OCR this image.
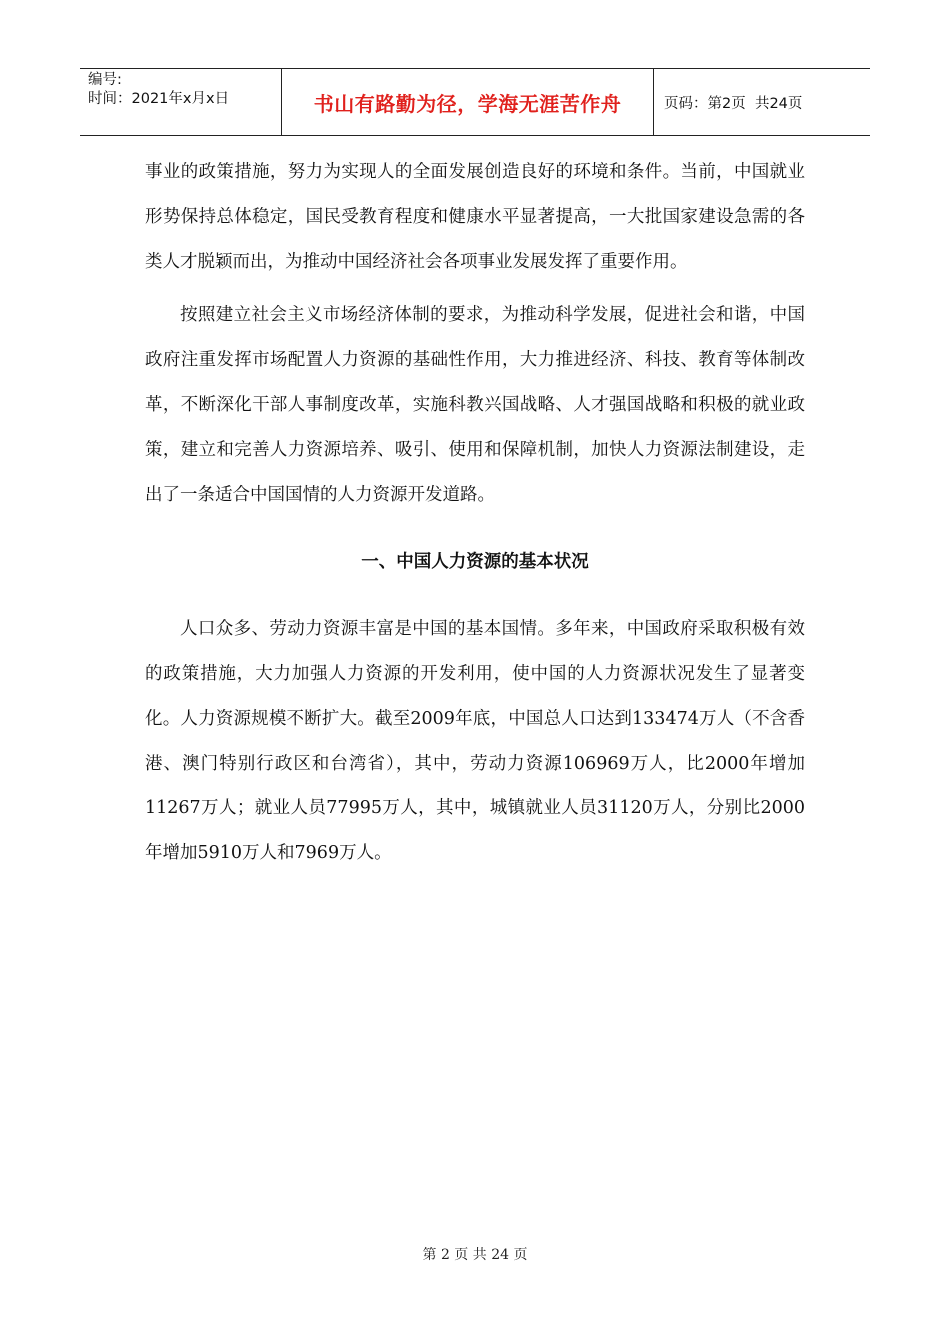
编号:
时间：2021年x月x日	书山有路勤为径，学海无涯苦作舟	页码：第2页  共24页

事业的政策措施，努力为实现人的全面发展创造良好的环境和条件。当前，中国就业形势保持总体稳定，国民受教育程度和健康水平显著提高，一大批国家建设急需的各类人才脱颖而出，为推动中国经济社会各项事业发展发挥了重要作用。

按照建立社会主义市场经济体制的要求，为推动科学发展，促进社会和谐，中国政府注重发挥市场配置人力资源的基础性作用，大力推进经济、科技、教育等体制改革，不断深化干部人事制度改革，实施科教兴国战略、人才强国战略和积极的就业政策，建立和完善人力资源培养、吸引、使用和保障机制，加快人力资源法制建设，走出了一条适合中国国情的人力资源开发道路。

一、中国人力资源的基本状况

人口众多、劳动力资源丰富是中国的基本国情。多年来，中国政府采取积极有效的政策措施，大力加强人力资源的开发利用，使中国的人力资源状况发生了显著变化。人力资源规模不断扩大。截至2009年底，中国总人口达到133474万人（不含香港、澳门特别行政区和台湾省），其中，劳动力资源106969万人，比2000年增加11267万人；就业人员77995万人，其中，城镇就业人员31120万人，分别比2000年增加5910万人和7969万人。

第 2 页 共 24 页
